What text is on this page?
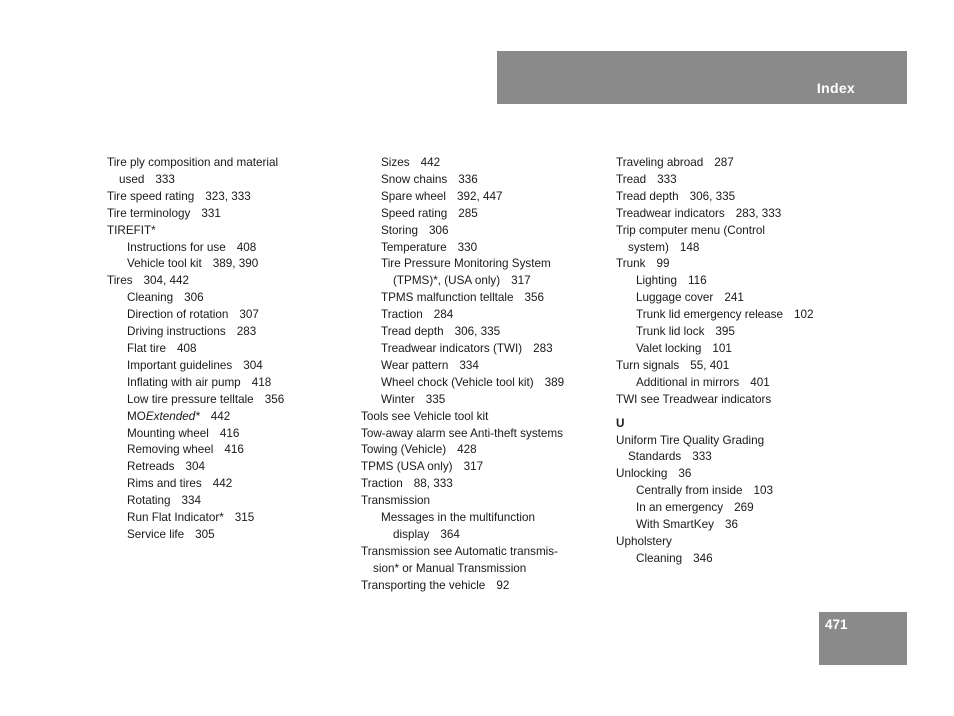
Index
Tire ply composition and material
used 333
Tire speed rating 323, 333
Tire terminology 331
TIREFIT*
Instructions for use 408
Vehicle tool kit 389, 390
Tires 304, 442
Cleaning 306
Direction of rotation 307
Driving instructions 283
Flat tire 408
Important guidelines 304
Inflating with air pump 418
Low tire pressure telltale 356
MOExtended* 442
Mounting wheel 416
Removing wheel 416
Retreads 304
Rims and tires 442
Rotating 334
Run Flat Indicator* 315
Service life 305
Sizes 442
Snow chains 336
Spare wheel 392, 447
Speed rating 285
Storing 306
Temperature 330
Tire Pressure Monitoring System
(TPMS)*, (USA only) 317
TPMS malfunction telltale 356
Traction 284
Tread depth 306, 335
Treadwear indicators (TWI) 283
Wear pattern 334
Wheel chock (Vehicle tool kit) 389
Winter 335
Tools see Vehicle tool kit
Tow-away alarm see Anti-theft systems
Towing (Vehicle) 428
TPMS (USA only) 317
Traction 88, 333
Transmission
Messages in the multifunction
display 364
Transmission see Automatic transmis-
sion* or Manual Transmission
Transporting the vehicle 92
Traveling abroad 287
Tread 333
Tread depth 306, 335
Treadwear indicators 283, 333
Trip computer menu (Control
system) 148
Trunk 99
Lighting 116
Luggage cover 241
Trunk lid emergency release 102
Trunk lid lock 395
Valet locking 101
Turn signals 55, 401
Additional in mirrors 401
TWI see Treadwear indicators
U
Uniform Tire Quality Grading
Standards 333
Unlocking 36
Centrally from inside 103
In an emergency 269
With SmartKey 36
Upholstery
Cleaning 346
471
